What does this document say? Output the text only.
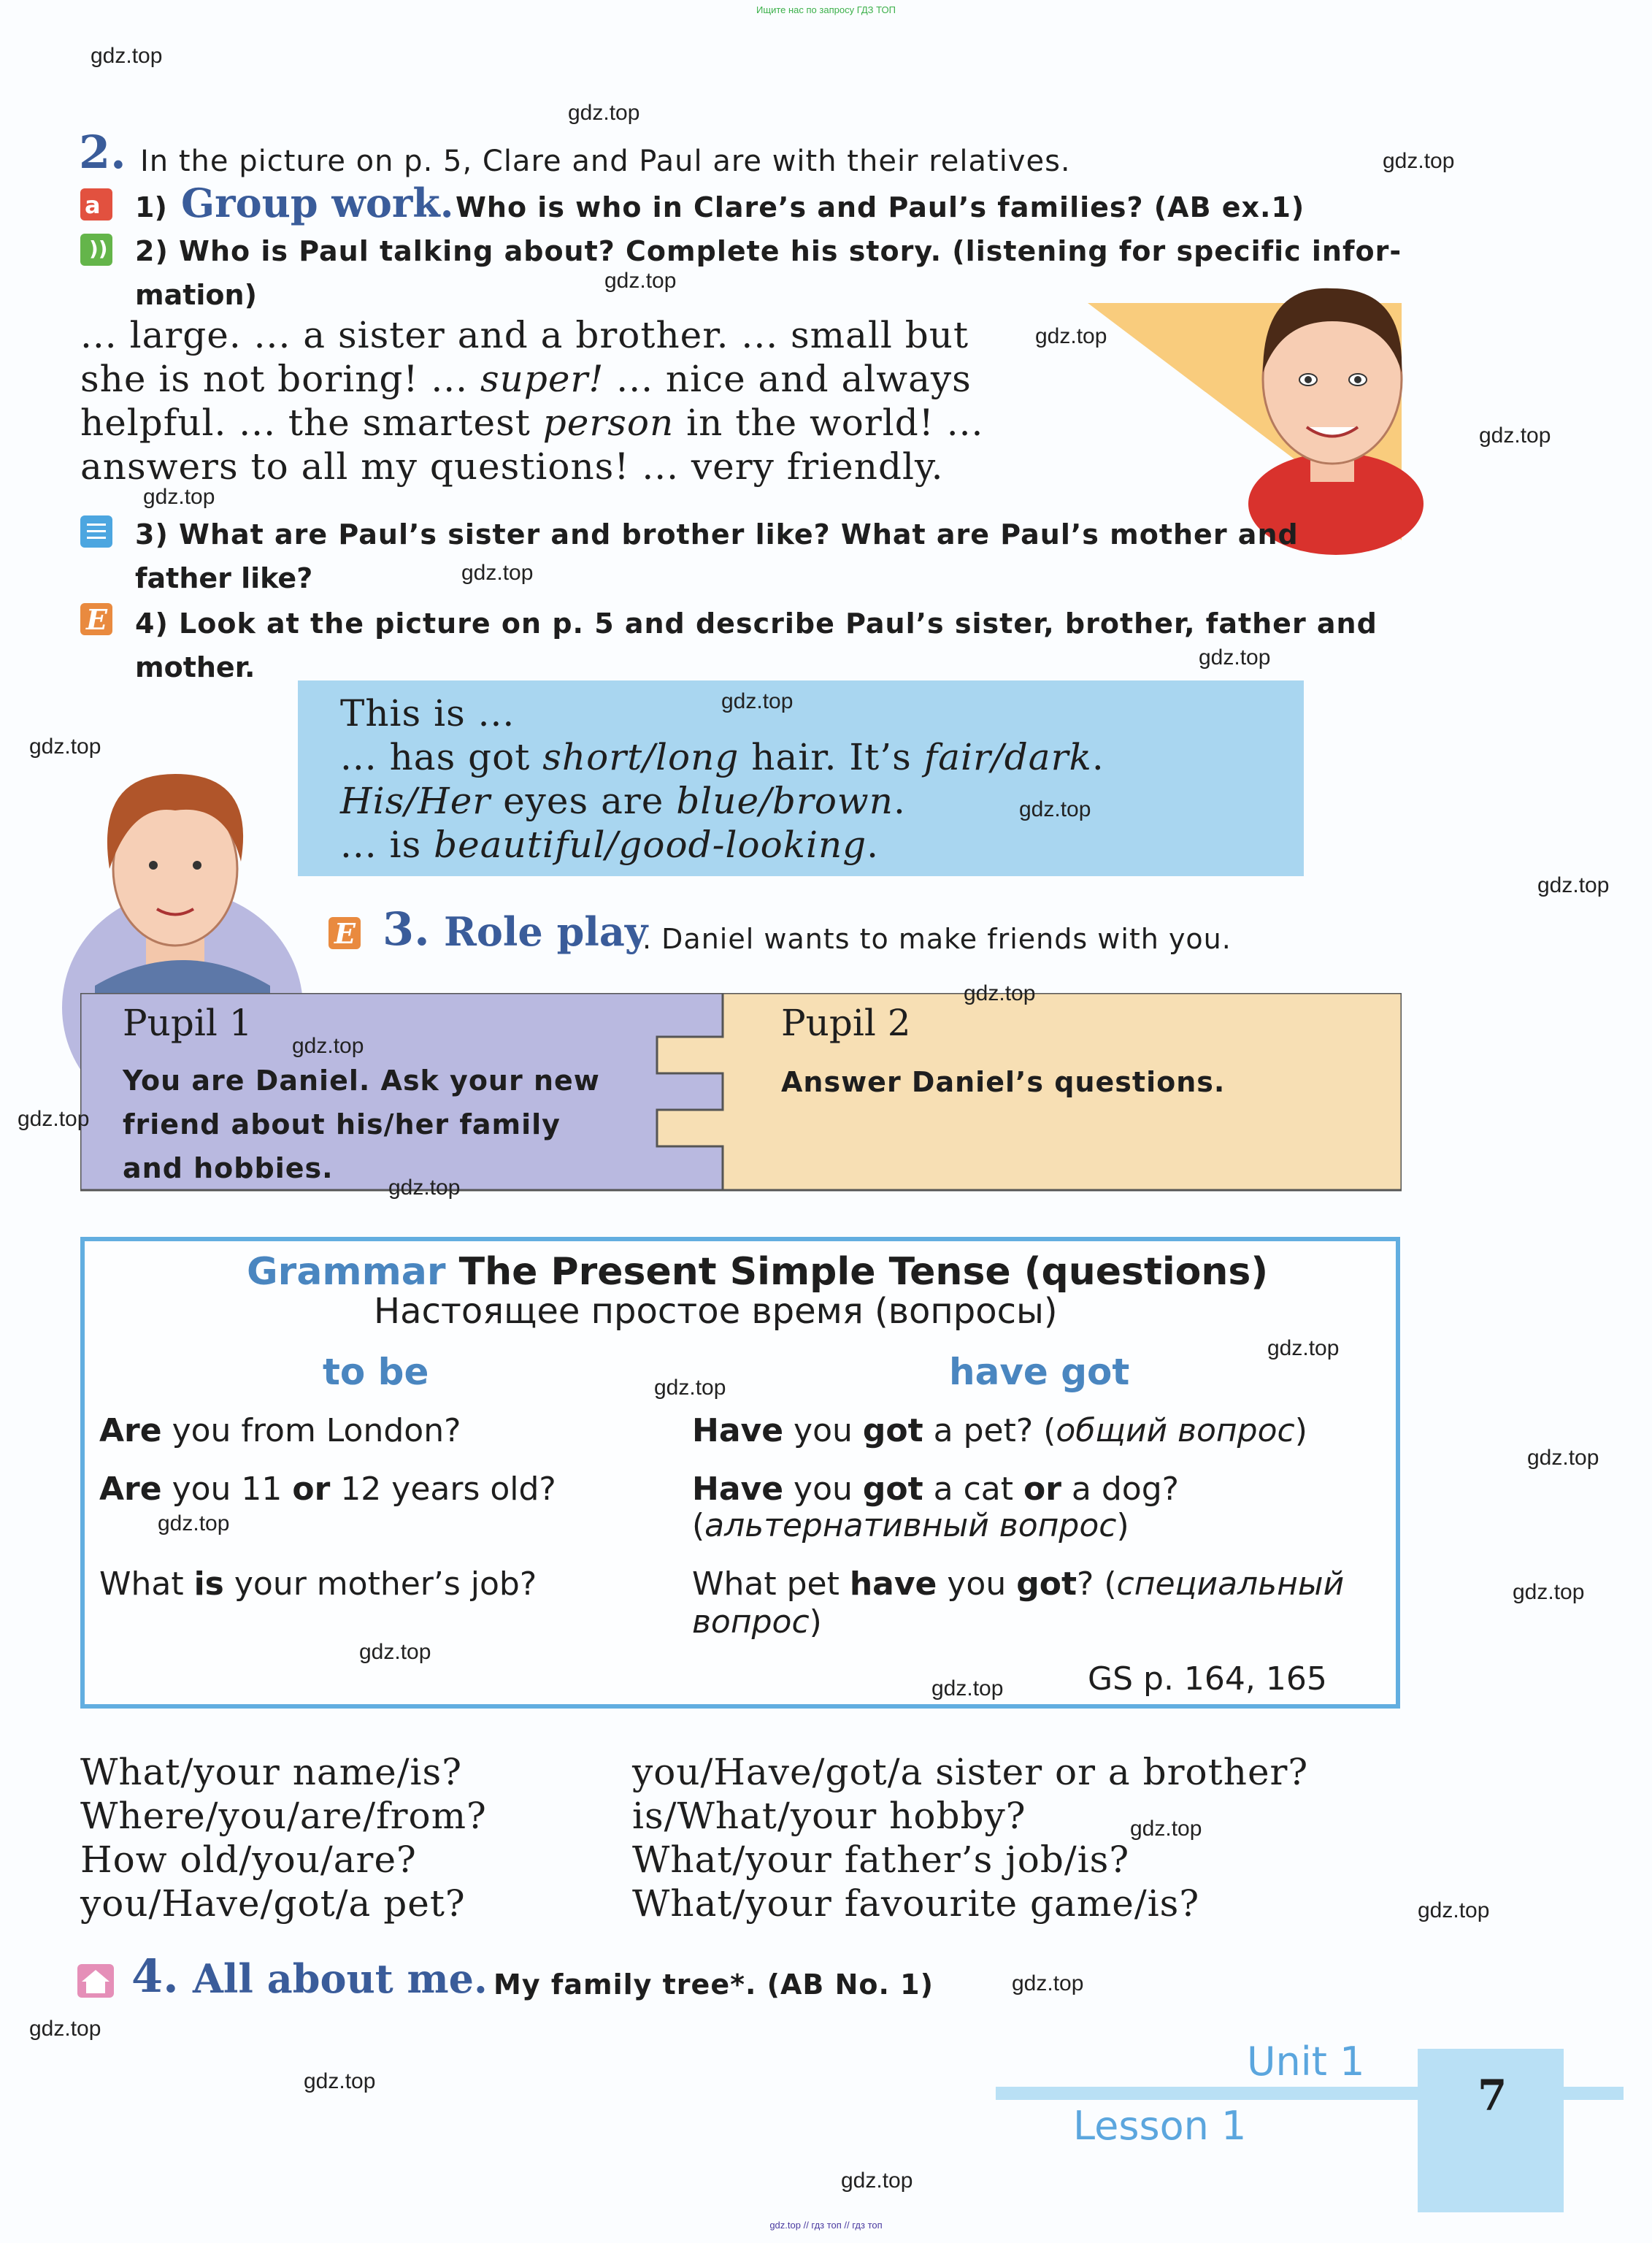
Ищите нас по запросу ГДЗ ТОП
2. In the picture on p. 5, Clare and Paul are with their relatives.
a 1) Group work. Who is who in Clare’s and Paul’s families? (AB ex.1)
)) 2) Who is Paul talking about? Complete his story. (listening for specific infor-
mation)
... large. ... a sister and a brother. ... small but
she is not boring! ... super! ... nice and always
helpful. ... the smartest person in the world! ...
answers to all my questions! ... very friendly.
3) What are Paul’s sister and brother like? What are Paul’s mother and
father like?
E 4) Look at the picture on p. 5 and describe Paul’s sister, brother, father and
mother.
This is ...
... has got short/long hair. It’s fair/dark.
His/Her eyes are blue/brown.
... is beautiful/good-looking.
E 3. Role play
. Daniel wants to make friends with you.
Pupil 1
You are Daniel. Ask your new
friend about his/her family
and hobbies.
Pupil 2
Answer Daniel’s questions.
Grammar The Present Simple Tense (questions)
Настоящее простое время (вопросы)
to be	have got
Are you from London?	Have you got a pet? (общий вопрос)
Are you 11 or 12 years old?	Have you got a cat or a dog?
(альтернативный вопрос)
What is your mother’s job?	What pet have you got? (специальный
вопрос)
GS p. 164, 165
What/your name/is?
Where/you/are/from?
How old/you/are?
you/Have/got/a pet?
you/Have/got/a sister or a brother?
is/What/your hobby?
What/your father’s job/is?
What/your favourite game/is?
4. All about me. My family tree*. (AB No. 1)
Unit 1
Lesson 1
7
gdz.top
gdz.top
gdz.top
gdz.top
gdz.top
gdz.top
gdz.top
gdz.top
gdz.top
gdz.top
gdz.top
gdz.top
gdz.top
gdz.top
gdz.top
gdz.top
gdz.top
gdz.top
gdz.top
gdz.top
gdz.top
gdz.top
gdz.top
gdz.top
gdz.top
gdz.top
gdz.top
gdz.top
gdz.top
gdz.top
gdz.top // гдз топ // гдз топ
